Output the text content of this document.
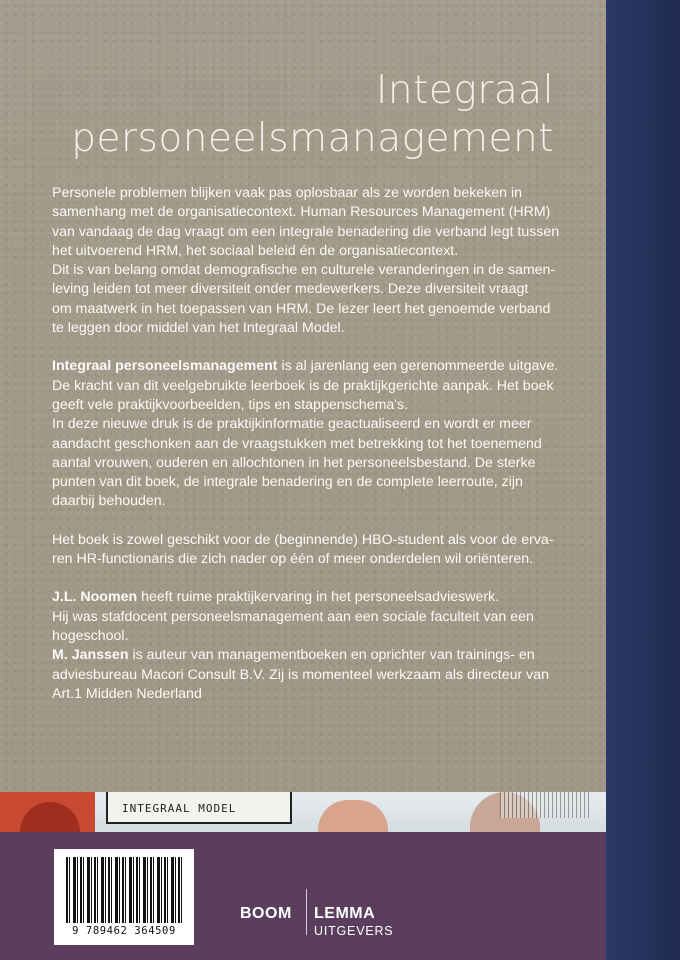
Integraal
personeelsmanagement

Personele problemen blijken vaak pas oplosbaar als ze worden bekeken in

samenhang met de organisatiecontext. Human Resources Management (HRM)

van vandaag de dag vraagt om een integrale benadering die verband legt tussen

het uitvoerend HRM, het sociaal beleid én de organisatiecontext.

Dit is van belang omdat demografische en culturele veranderingen in de samen-

leving leiden tot meer diversiteit onder medewerkers. Deze diversiteit vraagt

om maatwerk in het toepassen van HRM. De lezer leert het genoemde verband

te leggen door middel van het Integraal Model.

Integraal personeelsmanagement is al jarenlang een gerenommeerde uitgave.

De kracht van dit veelgebruikte leerboek is de praktijkgerichte aanpak. Het boek

geeft vele praktijkvoorbeelden, tips en stappenschema's.

In deze nieuwe druk is de praktijkinformatie geactualiseerd en wordt er meer

aandacht geschonken aan de vraagstukken met betrekking tot het toenemend

aantal vrouwen, ouderen en allochtonen in het personeelsbestand. De sterke

punten van dit boek, de integrale benadering en de complete leerroute, zijn

daarbij behouden.

Het boek is zowel geschikt voor de (beginnende) HBO-student als voor de erva-

ren HR-functionaris die zich nader op één of meer onderdelen wil oriënteren.

J.L. Noomen heeft ruime praktijkervaring in het personeelsadvieswerk.

Hij was stafdocent personeelsmanagement aan een sociale faculteit van een

hogeschool.

M. Janssen is auteur van managementboeken en oprichter van trainings- en

adviesbureau Macori Consult B.V. Zij is momenteel werkzaam als directeur van

Art.1 Midden Nederland

INTEGRAAL MODEL
9 789462 364509
BOOM LEMMA
UITGEVERS
